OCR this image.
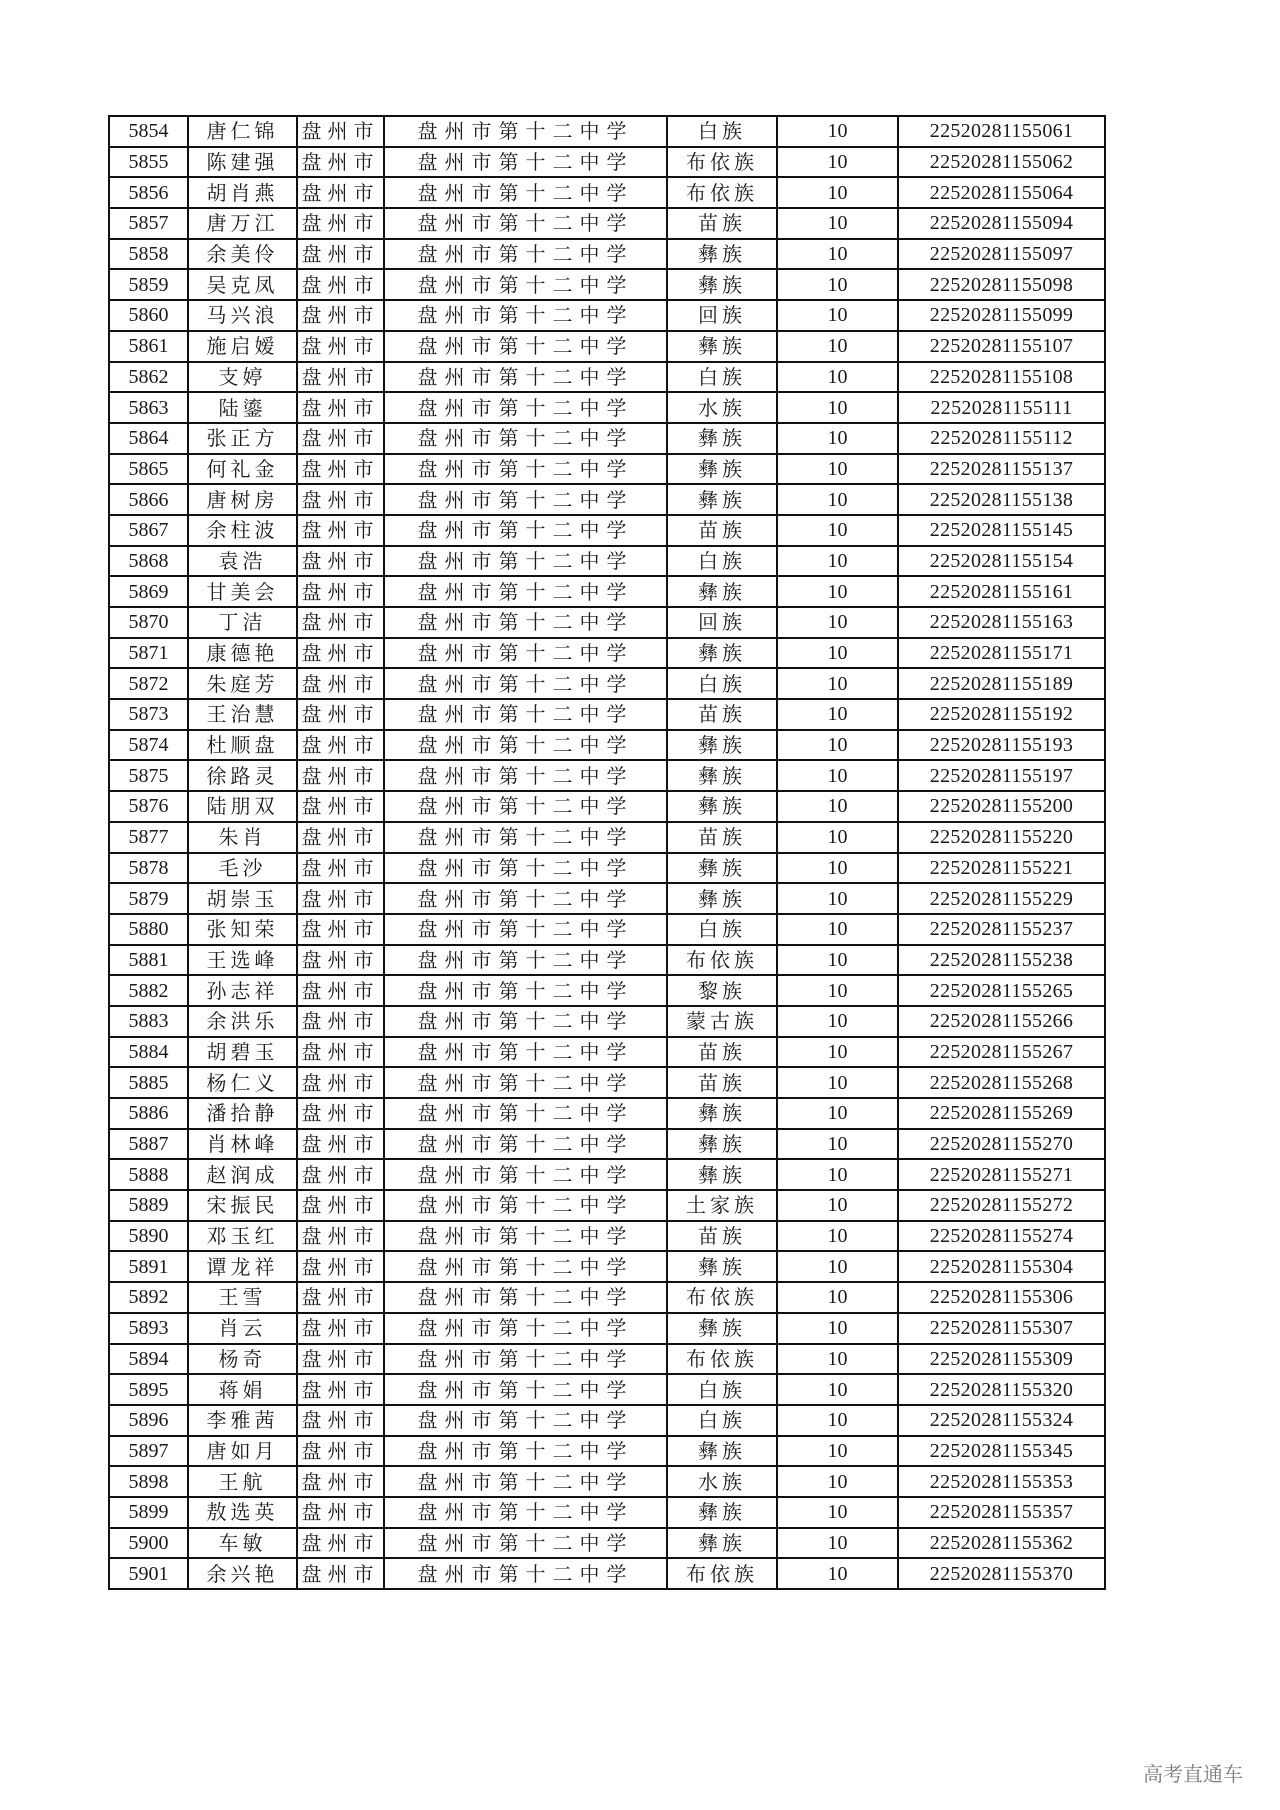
5854	唐仁锦	盘州市	盘州市第十二中学	白族	10	22520281155061
5855	陈建强	盘州市	盘州市第十二中学	布依族	10	22520281155062
5856	胡肖燕	盘州市	盘州市第十二中学	布依族	10	22520281155064
5857	唐万江	盘州市	盘州市第十二中学	苗族	10	22520281155094
5858	余美伶	盘州市	盘州市第十二中学	彝族	10	22520281155097
5859	吴克凤	盘州市	盘州市第十二中学	彝族	10	22520281155098
5860	马兴浪	盘州市	盘州市第十二中学	回族	10	22520281155099
5861	施启嫒	盘州市	盘州市第十二中学	彝族	10	22520281155107
5862	支婷	盘州市	盘州市第十二中学	白族	10	22520281155108
5863	陆鎏	盘州市	盘州市第十二中学	水族	10	22520281155111
5864	张正方	盘州市	盘州市第十二中学	彝族	10	22520281155112
5865	何礼金	盘州市	盘州市第十二中学	彝族	10	22520281155137
5866	唐树房	盘州市	盘州市第十二中学	彝族	10	22520281155138
5867	余柱波	盘州市	盘州市第十二中学	苗族	10	22520281155145
5868	袁浩	盘州市	盘州市第十二中学	白族	10	22520281155154
5869	甘美会	盘州市	盘州市第十二中学	彝族	10	22520281155161
5870	丁洁	盘州市	盘州市第十二中学	回族	10	22520281155163
5871	康德艳	盘州市	盘州市第十二中学	彝族	10	22520281155171
5872	朱庭芳	盘州市	盘州市第十二中学	白族	10	22520281155189
5873	王治慧	盘州市	盘州市第十二中学	苗族	10	22520281155192
5874	杜顺盘	盘州市	盘州市第十二中学	彝族	10	22520281155193
5875	徐路灵	盘州市	盘州市第十二中学	彝族	10	22520281155197
5876	陆朋双	盘州市	盘州市第十二中学	彝族	10	22520281155200
5877	朱肖	盘州市	盘州市第十二中学	苗族	10	22520281155220
5878	毛沙	盘州市	盘州市第十二中学	彝族	10	22520281155221
5879	胡崇玉	盘州市	盘州市第十二中学	彝族	10	22520281155229
5880	张知荣	盘州市	盘州市第十二中学	白族	10	22520281155237
5881	王选峰	盘州市	盘州市第十二中学	布依族	10	22520281155238
5882	孙志祥	盘州市	盘州市第十二中学	黎族	10	22520281155265
5883	余洪乐	盘州市	盘州市第十二中学	蒙古族	10	22520281155266
5884	胡碧玉	盘州市	盘州市第十二中学	苗族	10	22520281155267
5885	杨仁义	盘州市	盘州市第十二中学	苗族	10	22520281155268
5886	潘拾静	盘州市	盘州市第十二中学	彝族	10	22520281155269
5887	肖林峰	盘州市	盘州市第十二中学	彝族	10	22520281155270
5888	赵润成	盘州市	盘州市第十二中学	彝族	10	22520281155271
5889	宋振民	盘州市	盘州市第十二中学	土家族	10	22520281155272
5890	邓玉红	盘州市	盘州市第十二中学	苗族	10	22520281155274
5891	谭龙祥	盘州市	盘州市第十二中学	彝族	10	22520281155304
5892	王雪	盘州市	盘州市第十二中学	布依族	10	22520281155306
5893	肖云	盘州市	盘州市第十二中学	彝族	10	22520281155307
5894	杨奇	盘州市	盘州市第十二中学	布依族	10	22520281155309
5895	蒋娟	盘州市	盘州市第十二中学	白族	10	22520281155320
5896	李雅茜	盘州市	盘州市第十二中学	白族	10	22520281155324
5897	唐如月	盘州市	盘州市第十二中学	彝族	10	22520281155345
5898	王航	盘州市	盘州市第十二中学	水族	10	22520281155353
5899	敖选英	盘州市	盘州市第十二中学	彝族	10	22520281155357
5900	车敏	盘州市	盘州市第十二中学	彝族	10	22520281155362
5901	余兴艳	盘州市	盘州市第十二中学	布依族	10	22520281155370
高考直通车
